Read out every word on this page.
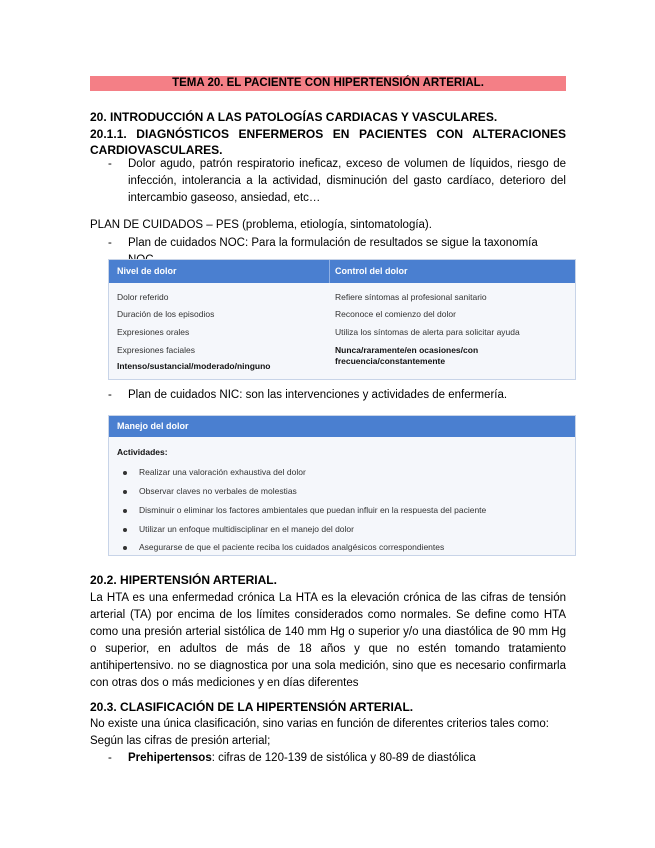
TEMA 20. EL PACIENTE CON HIPERTENSIÓN ARTERIAL.
20. INTRODUCCIÓN A LAS PATOLOGÍAS CARDIACAS Y VASCULARES.
20.1.1. DIAGNÓSTICOS ENFERMEROS EN PACIENTES CON ALTERACIONES CARDIOVASCULARES.
- Dolor agudo, patrón respiratorio ineficaz, exceso de volumen de líquidos, riesgo de infección, intolerancia a la actividad, disminución del gasto cardíaco, deterioro del intercambio gaseoso, ansiedad, etc…
PLAN DE CUIDADOS – PES (problema, etiología, sintomatología).
- Plan de cuidados NOC: Para la formulación de resultados se sigue la taxonomía
Nivel de dolor	Control del dolor
Dolor referido
Duración de los episodios
Expresiones orales
Expresiones faciales
Intenso/sustancial/moderado/ninguno
Refiere síntomas al profesional sanitario
Reconoce el comienzo del dolor
Utiliza los síntomas de alerta para solicitar ayuda
Nunca/raramente/en ocasiones/con
frecuencia/constantemente
- Plan de cuidados NIC: son las intervenciones y actividades de enfermería.
Manejo del dolor
Actividades:
Realizar una valoración exhaustiva del dolor
Observar claves no verbales de molestias
Disminuir o eliminar los factores ambientales que puedan influir en la respuesta del paciente
Utilizar un enfoque multidisciplinar en el manejo del dolor
Asegurarse de que el paciente reciba los cuidados analgésicos correspondientes
20.2. HIPERTENSIÓN ARTERIAL.
La HTA es una enfermedad crónica La HTA es la elevación crónica de las cifras de tensión arterial (TA) por encima de los límites considerados como normales. Se define como HTA como una presión arterial sistólica de 140 mm Hg o superior y/o una diastólica de 90 mm Hg o superior, en adultos de más de 18 años y que no estén tomando tratamiento antihipertensivo. no se diagnostica por una sola medición, sino que es necesario confirmarla con otras dos o más mediciones y en días diferentes
20.3. CLASIFICACIÓN DE LA HIPERTENSIÓN ARTERIAL.
No existe una única clasificación, sino varias en función de diferentes criterios tales como:
Según las cifras de presión arterial;
- Prehipertensos: cifras de 120-139 de sistólica y 80-89 de diastólica
